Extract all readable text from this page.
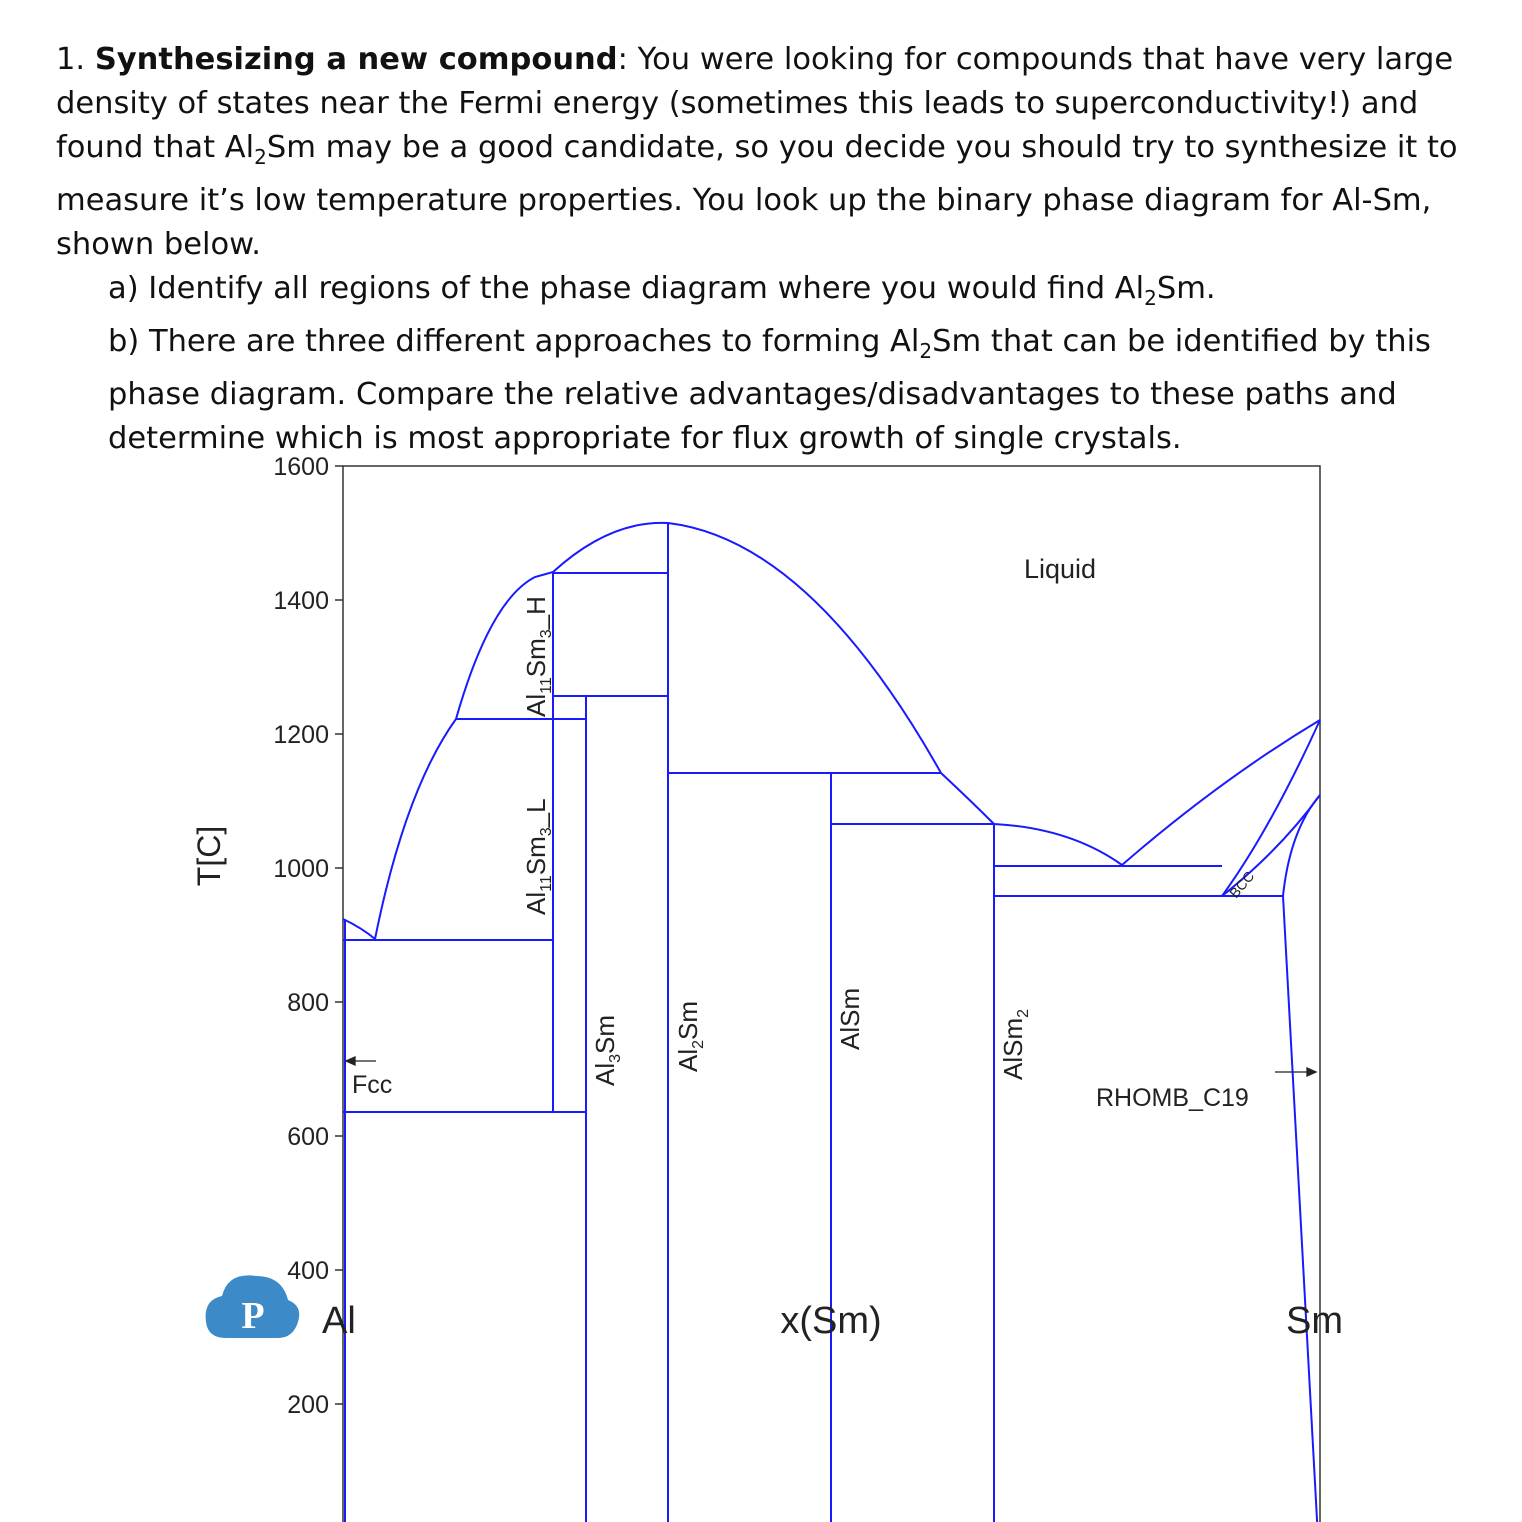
1. Synthesizing a new compound: You were looking for compounds that have very large density of states near the Fermi energy (sometimes this leads to superconductivity!) and found that $Al_2Sm$ may be a good candidate, so you decide you should try to synthesize it to measure it’s low temperature properties. You look up the binary phase diagram for Al-Sm, shown below.

a) Identify all regions of the phase diagram where you would find $Al_2Sm$.

b) There are three different approaches to forming $Al_2Sm$ that can be identified by this phase diagram. Compare the relative advantages/disadvantages to these paths and determine which is most appropriate for flux growth of single crystals.

200
400
600
800
1000
1200
1400
1600
Liquid
Fcc	RHOMB_C19
BCC
$Al_{11}Sm_3\_H$
$Al_{11}Sm_3\_L$
$Al_3Sm$
$Al_2Sm$	AlSm	AlSm$_2$
T[C]
x(Sm)
Al	Sm
P
